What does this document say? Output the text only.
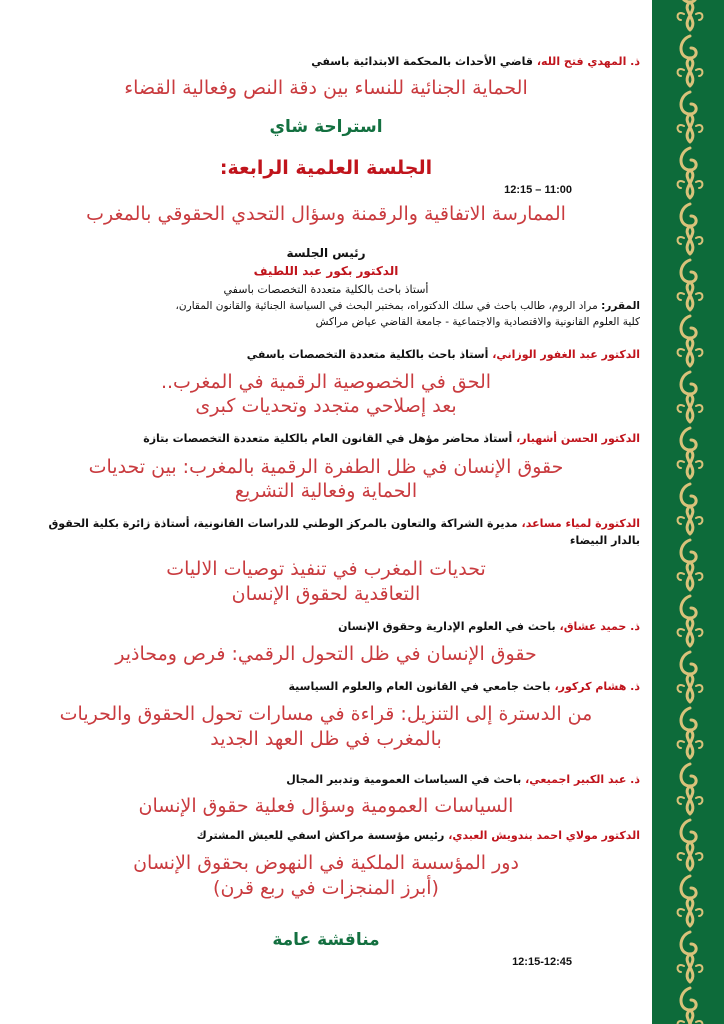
ذ. المهدي فتح الله، قاضي الأحداث بالمحكمة الابتدائية باسفي
الحماية الجنائية للنساء بين دقة النص وفعالية القضاء
استراحة شاي
الجلسة العلمية الرابعة:
12:15 – 11:00
الممارسة الاتفاقية والرقمنة وسؤال التحدي الحقوقي بالمغرب
رئيس الجلسة
الدكتور بكور عبد اللطيف
أستاذ باحث بالكلية متعددة التخصصات باسفي
المقرر: مراد الروم، طالب باحث في سلك الدكتوراه، بمختبر البحث في السياسة الجنائية والقانون المقارن،
كلية العلوم القانونية والاقتصادية والاجتماعية - جامعة القاضي عياض مراكش
الدكتور عبد الغفور الوزاني، أستاذ باحث بالكلية متعددة التخصصات باسفي
الحق في الخصوصية الرقمية في المغرب..
بعد إصلاحي متجدد وتحديات كبرى
الدكتور الحسن أشهبار، أستاذ محاضر مؤهل في القانون العام بالكلية متعددة التخصصات بتازة
حقوق الإنسان في ظل الطفرة الرقمية بالمغرب: بين تحديات
الحماية وفعالية التشريع
الدكتورة لمياء مساعد، مديرة الشراكة والتعاون بالمركز الوطني للدراسات القانونية، أستاذة زائرة بكلية الحقوق بالدار البيضاء
تحديات المغرب في تنفيذ توصيات الاليات
التعاقدية لحقوق الإنسان
ذ. حميد عشاق، باحث في العلوم الإدارية وحقوق الإنسان
حقوق الإنسان في ظل التحول الرقمي: فرص ومحاذير
ذ. هشام كركور، باحث جامعي في القانون العام والعلوم السياسية
من الدسترة إلى التنزيل: قراءة في مسارات تحول الحقوق والحريات
بالمغرب في ظل العهد الجديد
ذ. عبد الكبير اجميعي، باحث في السياسات العمومية وتدبير المجال
السياسات العمومية وسؤال فعلية حقوق الإنسان
الدكتور مولاي احمد بندويش العبدي، رئيس مؤسسة مراكش اسفي للعيش المشترك
دور المؤسسة الملكية في النهوض بحقوق الإنسان
(أبرز المنجزات في ربع قرن)
مناقشة عامة
12:15-12:45
